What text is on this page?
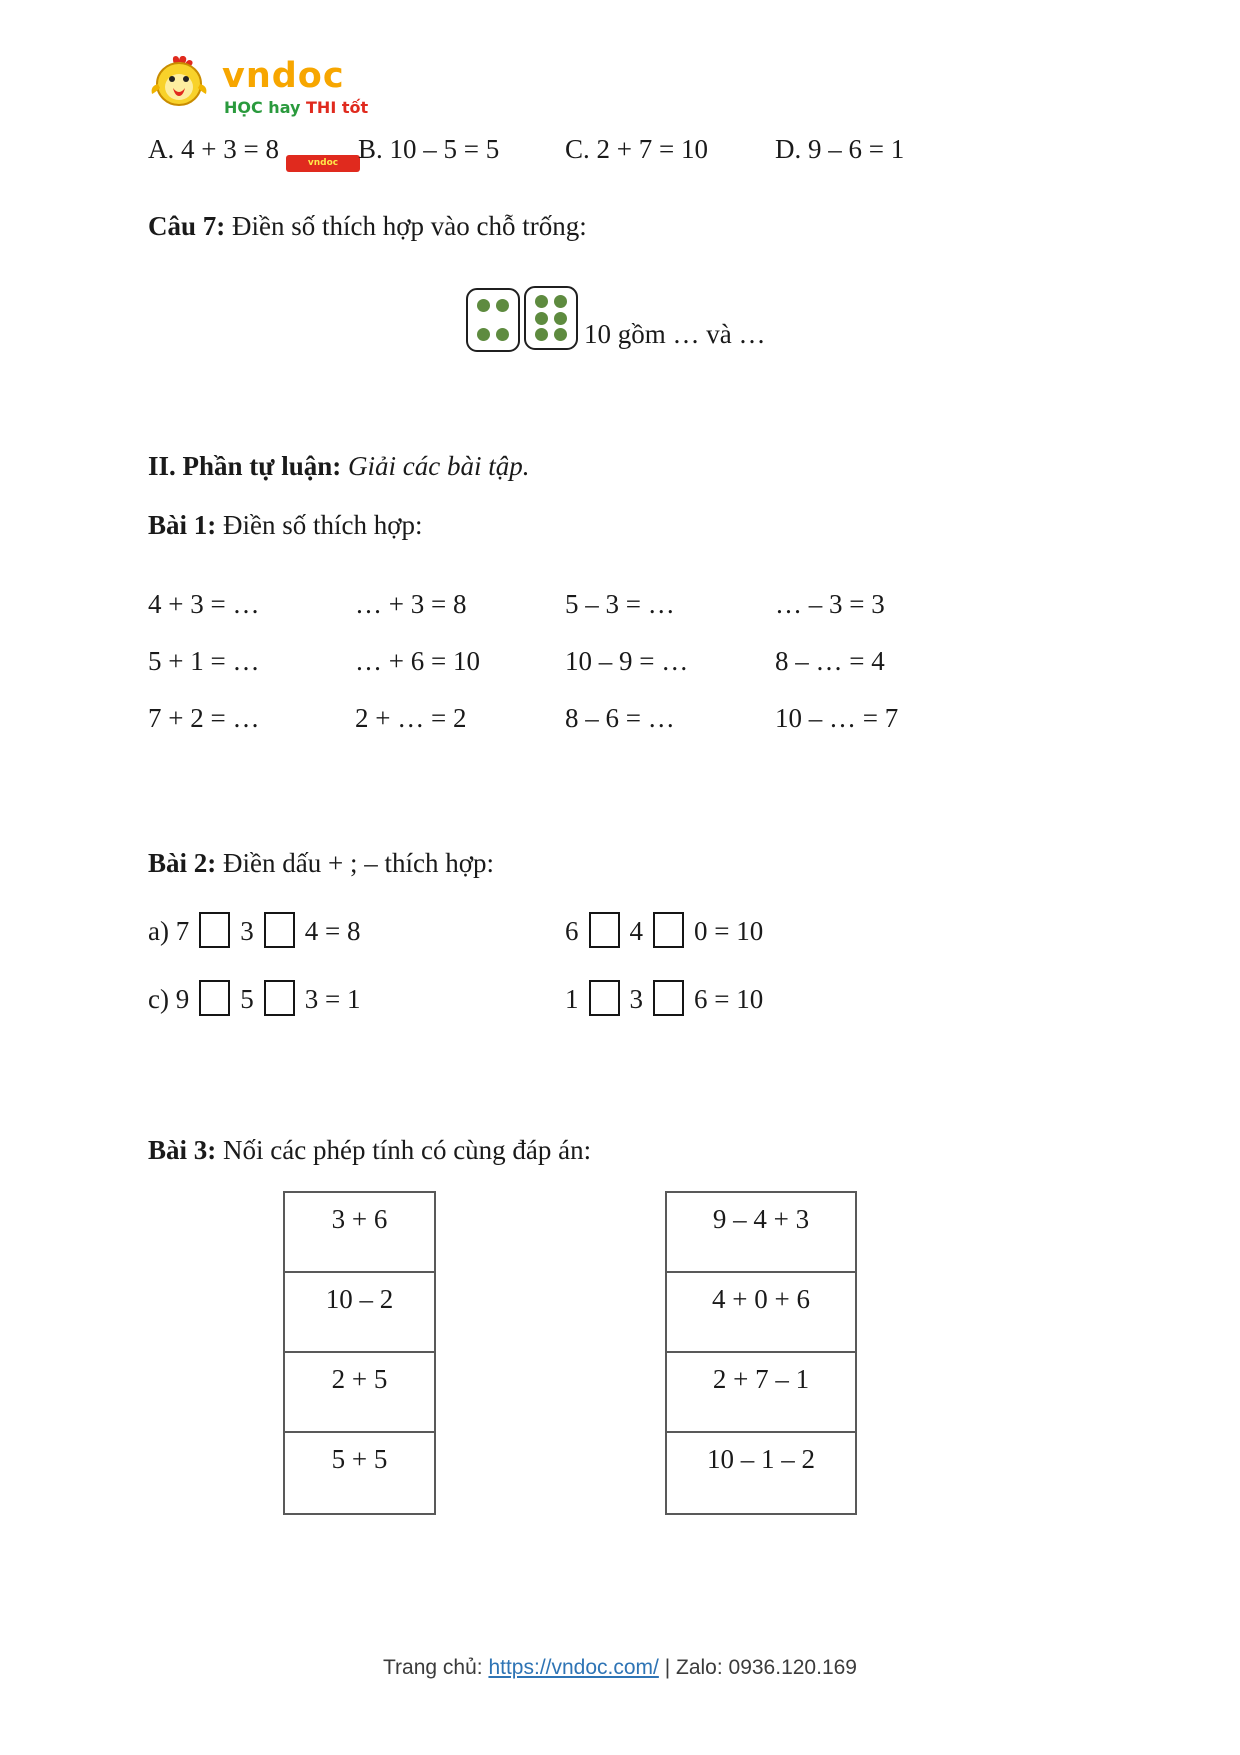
vndoc
vndoc
HỌC hay THI tốt
A. 4 + 3 = 8	B. 10 – 5 = 5 C. 2 + 7 = 10 D. 9 – 6 = 1
Câu 7: Điền số thích hợp vào chỗ trống:
10 gồm … và …
II. Phần tự luận: Giải các bài tập.
Bài 1: Điền số thích hợp:
4 + 3 = …	… + 3 = 8	5 – 3 = …	… – 3 = 3
5 + 1 = …	… + 6 = 10	10 – 9 = …	8 – … = 4
7 + 2 = …	2 + … = 2	8 – 6 = …	10 – … = 7
Bài 2: Điền dấu + ; – thích hợp:
a) 7 3 4 = 8	6 4 0 = 10
c) 9 5 3 = 1	1 3 6 = 10
Bài 3: Nối các phép tính có cùng đáp án:
3 + 6
10 – 2
2 + 5
5 + 5
9 – 4 + 3
4 + 0 + 6
2 + 7 – 1
10 – 1 – 2
Trang chủ: https://vndoc.com/ | Zalo: 0936.120.169
